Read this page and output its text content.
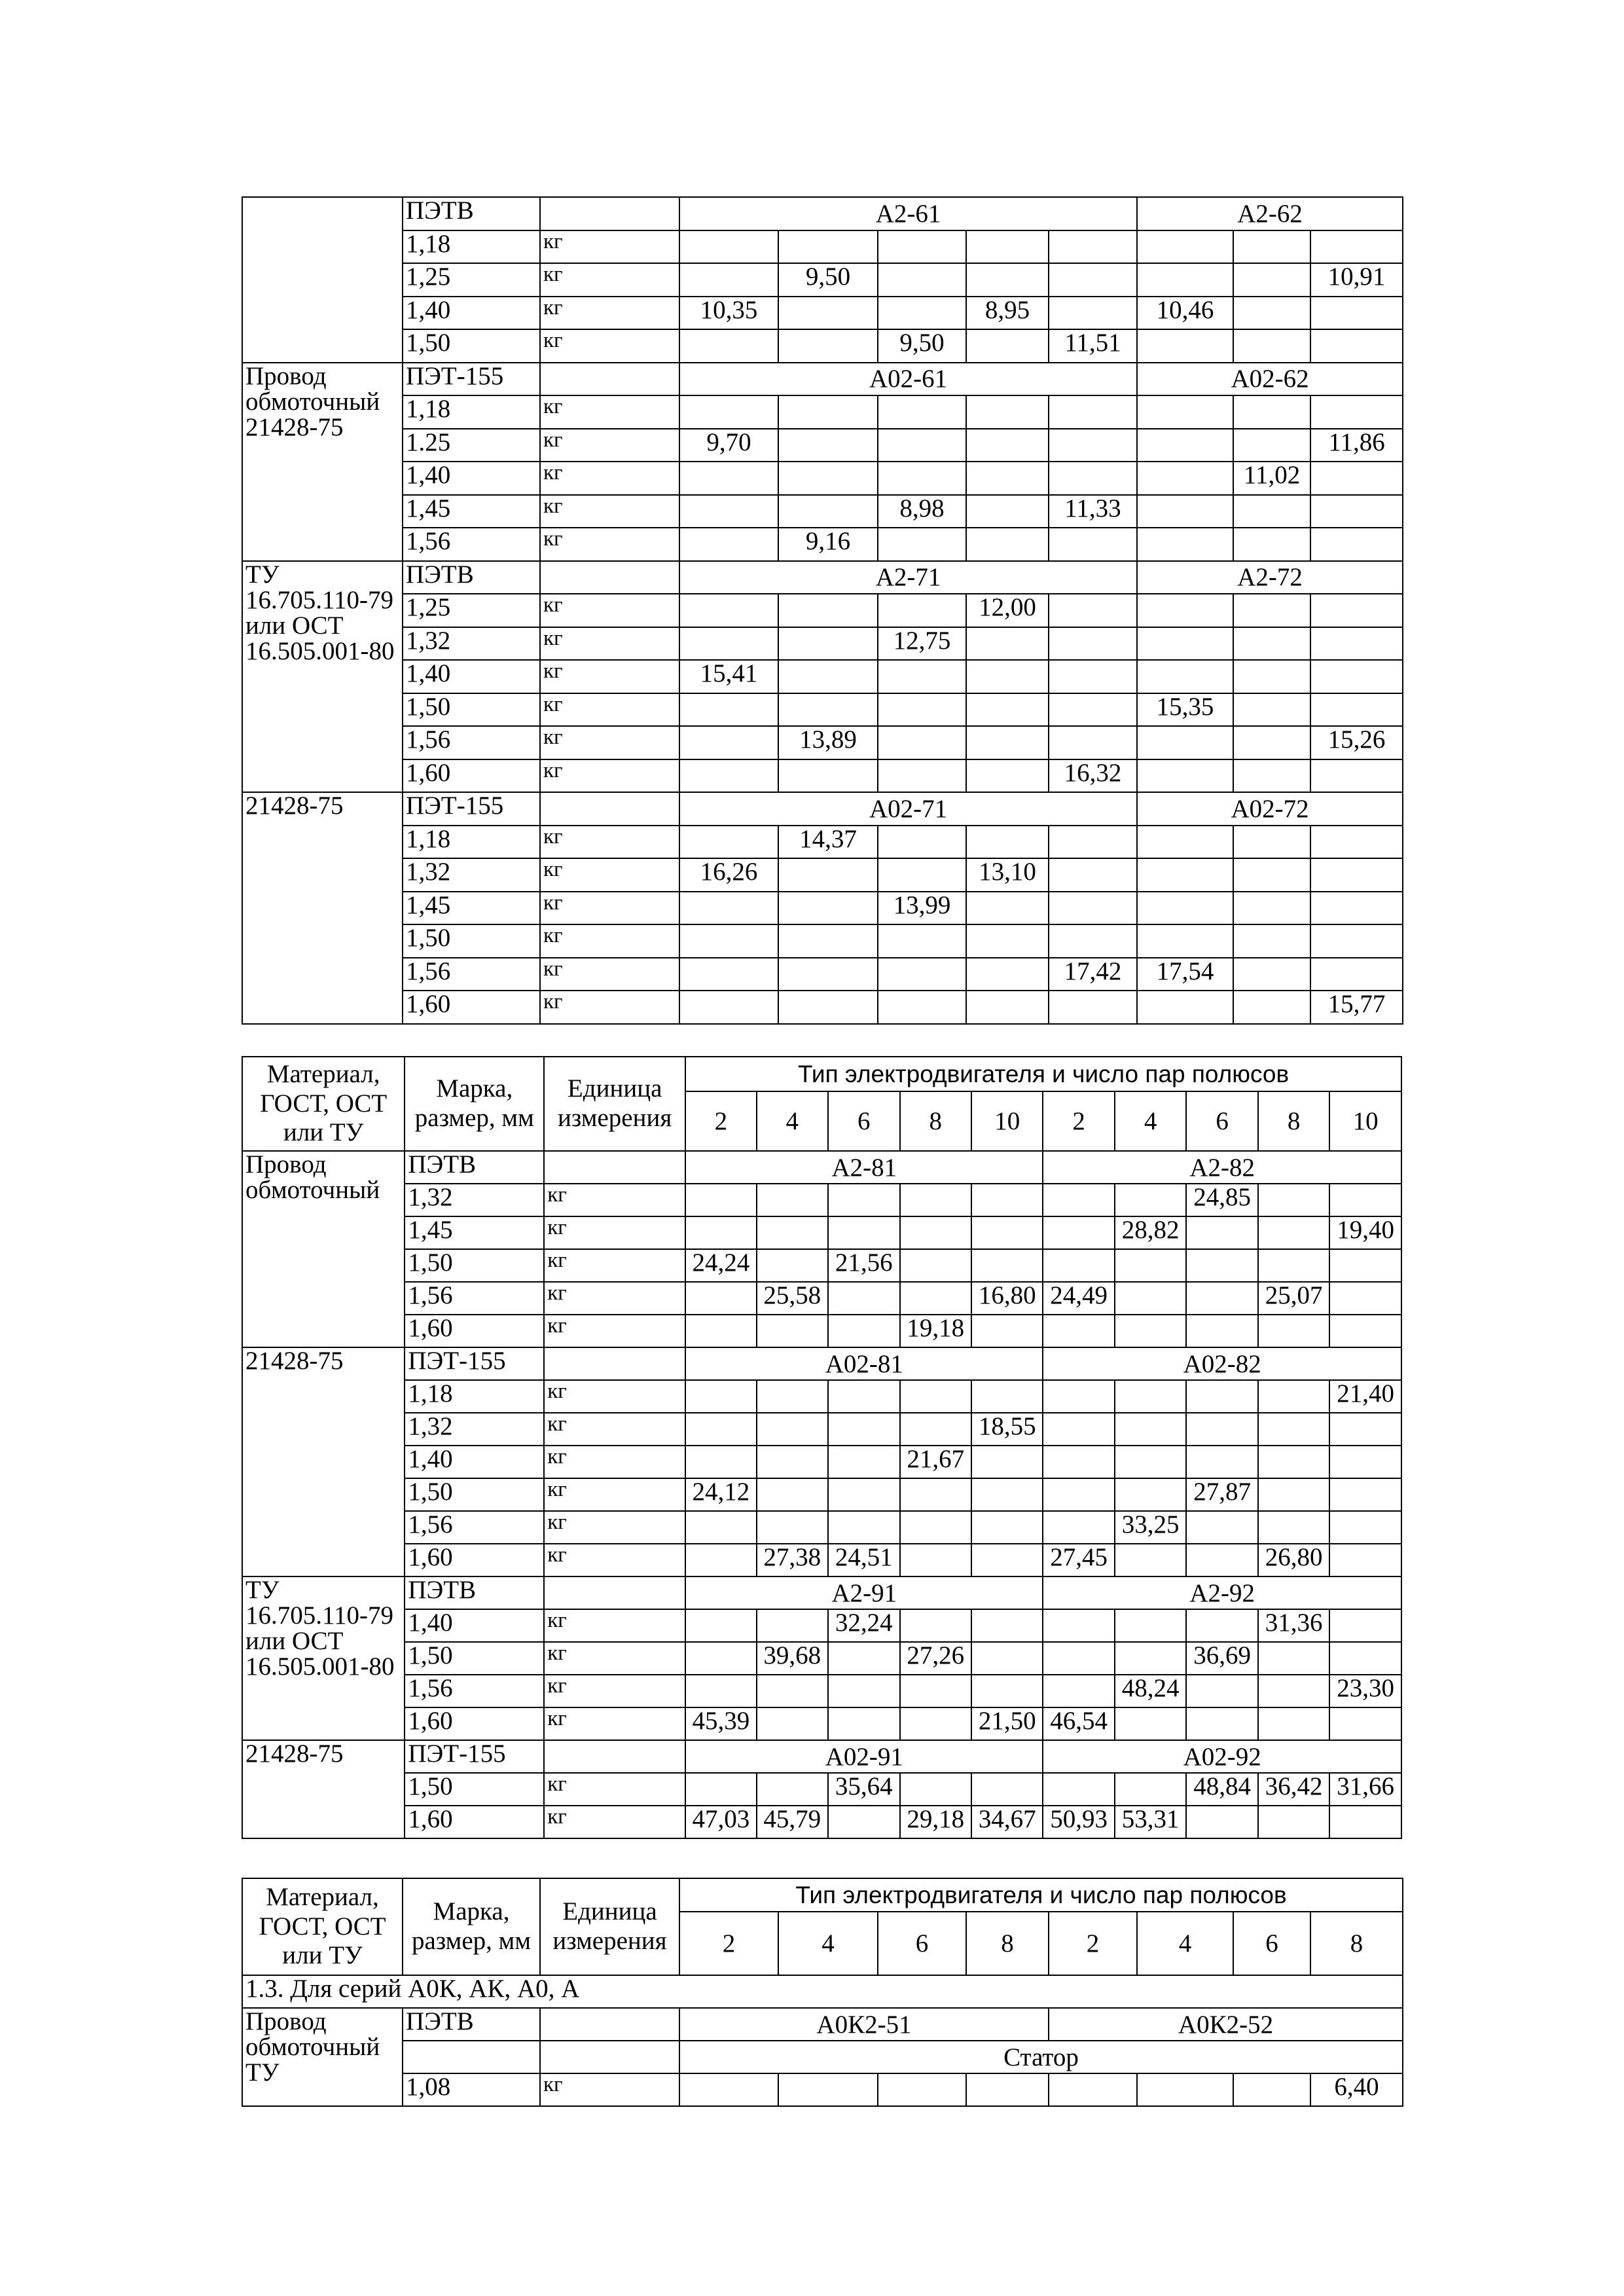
	ПЭТВ		А2-61					А2-62			
	1,18	кг									
	1,25	кг		9,50						10,91	
	1,40	кг	10,35			8,95		10,46			
	1,50	кг			9,50		11,51				
Провод обмоточный 21428-75	ПЭТ-155		А02-61					А02-62			
	1,18	кг									
	1.25	кг	9,70							11,86	
	1,40	кг							11,02		
	1,45	кг			8,98		11,33				
	1,56	кг		9,16							
ТУ 16.705.110-79 или ОСТ 16.505.001-80	ПЭТВ		А2-71					А2-72			
	1,25	кг				12,00					
	1,32	кг			12,75						
	1,40	кг	15,41								
	1,50	кг						15,35			
	1,56	кг		13,89						15,26	
	1,60	кг					16,32				
21428-75	ПЭТ-155		А02-71					А02-72			
	1,18	кг		14,37							
	1,32	кг	16,26			13,10					
	1,45	кг			13,99						
	1,50	кг									
	1,56	кг					17,42	17,54			
	1,60	кг								15,77	
Материал, ГОСТ, ОСТ или ТУ	Марка, размер, мм	Единица измерения	Тип электродвигателя и число пар полюсов									
			2	4	6	8	10	2	4	6	8	10
Провод обмоточный	ПЭТВ		А2-81					А2-82				
	1,32	кг								24,85		
	1,45	кг							28,82			19,40
	1,50	кг	24,24		21,56							
	1,56	кг		25,58			16,80	24,49			25,07	
	1,60	кг				19,18						
21428-75	ПЭТ-155		А02-81					А02-82				
	1,18	кг										21,40
	1,32	кг					18,55					
	1,40	кг				21,67						
	1,50	кг	24,12							27,87		
	1,56	кг							33,25			
	1,60	кг		27,38	24,51			27,45			26,80	
ТУ 16.705.110-79 или ОСТ 16.505.001-80	ПЭТВ		А2-91					А2-92				
	1,40	кг			32,24						31,36	
	1,50	кг		39,68		27,26				36,69		
	1,56	кг							48,24			23,30
	1,60	кг	45,39				21,50	46,54				
21428-75	ПЭТ-155		А02-91					А02-92				
	1,50	кг			35,64					48,84	36,42	31,66
	1,60	кг	47,03	45,79		29,18	34,67	50,93	53,31			
Материал, ГОСТ, ОСТ или ТУ	Марка, размер, мм	Единица измерения	Тип электродвигателя и число пар полюсов							
			2	4	6	8	2	4	6	8
1.3. Для серий А0К, АК, А0, А										
Провод обмоточный ТУ	ПЭТВ		А0К2-51				А0К2-52			
			Статор							
	1,08	кг								6,40
